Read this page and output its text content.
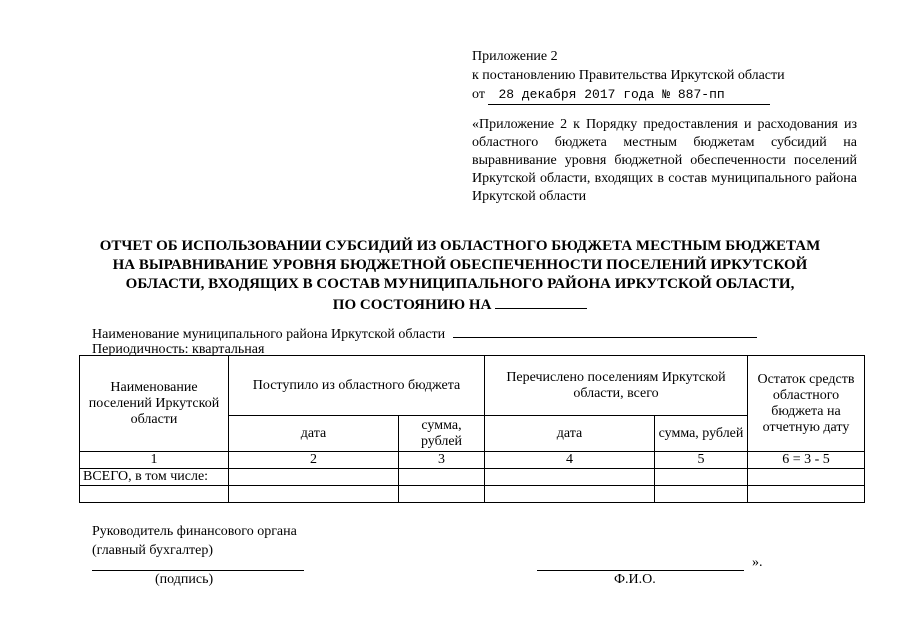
Приложение 2
к постановлению Правительства Иркутской области
от 28 декабря 2017 года № 887-пп
«Приложение 2 к Порядку предоставления и расходования из областного бюджета местным бюджетам субсидий на выравнивание уровня бюджетной обеспеченности поселений Иркутской области, входящих в состав муниципального района Иркутской области
ОТЧЕТ ОБ ИСПОЛЬЗОВАНИИ СУБСИДИЙ ИЗ ОБЛАСТНОГО БЮДЖЕТА МЕСТНЫМ БЮДЖЕТАМ
НА ВЫРАВНИВАНИЕ УРОВНЯ БЮДЖЕТНОЙ ОБЕСПЕЧЕННОСТИ ПОСЕЛЕНИЙ ИРКУТСКОЙ
ОБЛАСТИ, ВХОДЯЩИХ В СОСТАВ МУНИЦИПАЛЬНОГО РАЙОНА ИРКУТСКОЙ ОБЛАСТИ,
ПО СОСТОЯНИЮ НА
Наименование муниципального района Иркутской области
Периодичность: квартальная
Наименование поселений Иркутской области	Поступило из областного бюджета		Перечислено поселениям Иркутской области, всего		Остаток средств областного бюджета на отчетную дату
	дата	сумма, рублей	дата	сумма, рублей	
1	2	3	4	5	6 = 3 - 5
ВСЕГО, в том числе:					

Руководитель финансового органа
(главный бухгалтер)
».
(подпись)	Ф.И.О.
